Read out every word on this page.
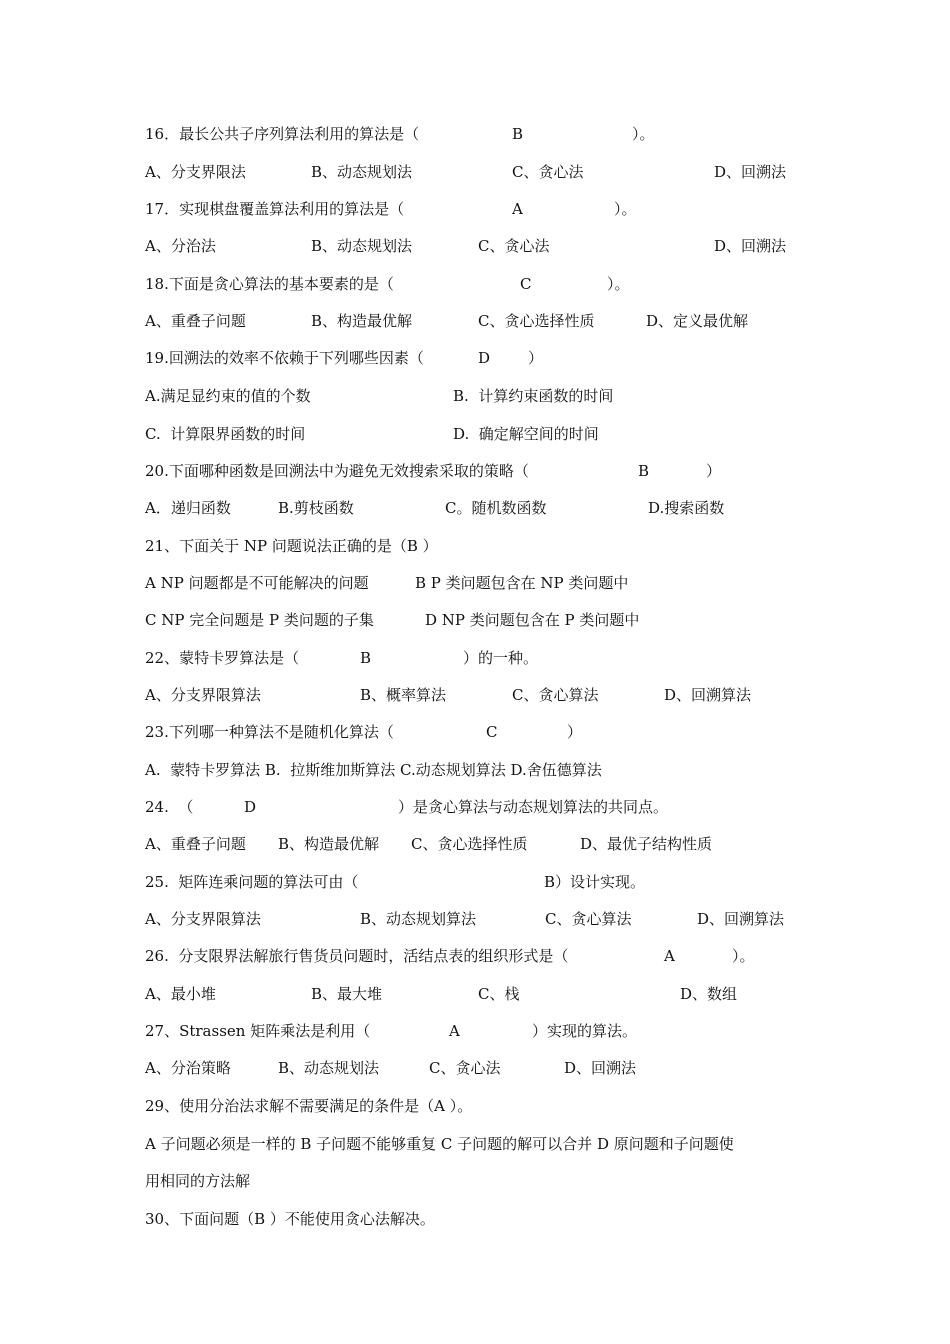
16．最长公共子序列算法利用的算法是（	B	）。
A、分支界限法	B、动态规划法	C、贪心法	D、回溯法
17．实现棋盘覆盖算法利用的算法是（	A	）。
A、分治法	B、动态规划法	C、贪心法	D、回溯法
18.下面是贪心算法的基本要素的是（	C	）。
A、重叠子问题	B、构造最优解	C、贪心选择性质	D、定义最优解
19.回溯法的效率不依赖于下列哪些因素（	D	）
A.满足显约束的值的个数	B.  计算约束函数的时间
C.  计算限界函数的时间	D.  确定解空间的时间
20.下面哪种函数是回溯法中为避免无效搜索采取的策略（	B	）
A．递归函数	B.剪枝函数	C。随机数函数	D.搜索函数
21、下面关于 NP 问题说法正确的是（B ）
A NP 问题都是不可能解决的问题	B P 类问题包含在 NP 类问题中
C NP 完全问题是 P 类问题的子集	D NP 类问题包含在 P 类问题中
22、蒙特卡罗算法是（	B	）的一种。
A、分支界限算法	B、概率算法	C、贪心算法	D、回溯算法
23.下列哪一种算法不是随机化算法（	C	）
A.  蒙特卡罗算法 B.  拉斯维加斯算法 C.动态规划算法 D.舍伍德算法
24.  （	D	）是贪心算法与动态规划算法的共同点。
A、重叠子问题 B、构造最优解 C、贪心选择性质	D、最优子结构性质
25.  矩阵连乘问题的算法可由（	B）设计实现。
A、分支界限算法	B、动态规划算法	C、贪心算法	D、回溯算法
26.  分支限界法解旅行售货员问题时，活结点表的组织形式是（	A	）。
A、最小堆	B、最大堆	C、栈	D、数组
27、Strassen 矩阵乘法是利用（	A	）实现的算法。
A、分治策略	B、动态规划法	C、贪心法	D、回溯法
29、使用分治法求解不需要满足的条件是（A ）。
A 子问题必须是一样的 B 子问题不能够重复 C 子问题的解可以合并 D 原问题和子问题使
用相同的方法解
30、下面问题（B ）不能使用贪心法解决。
